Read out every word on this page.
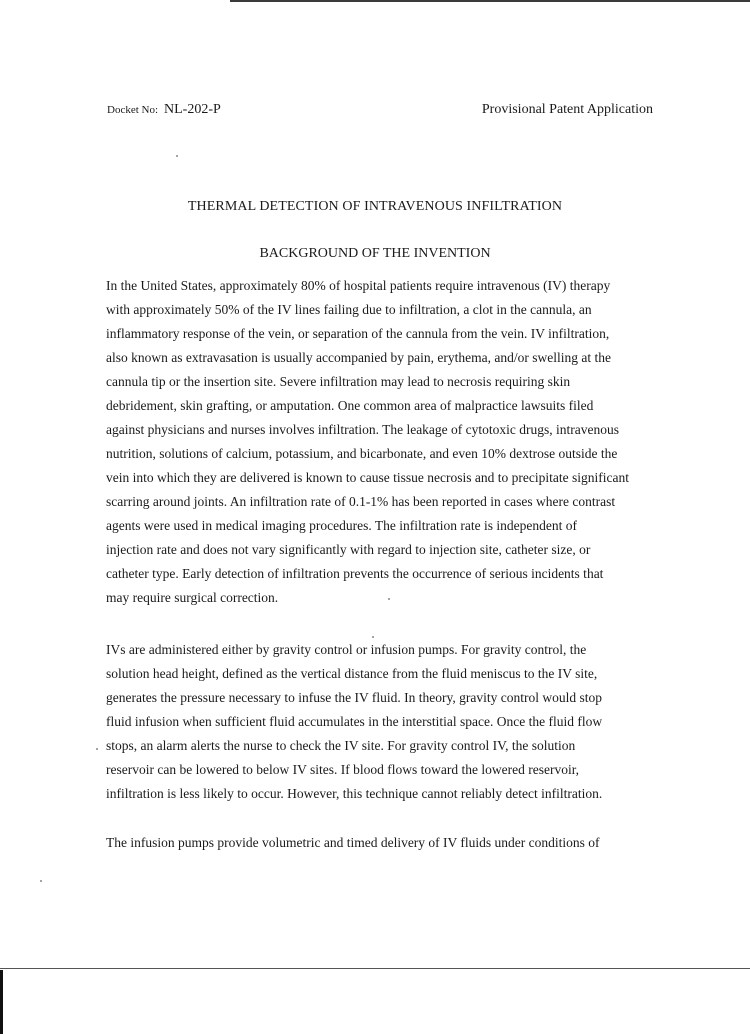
Docket No: NL-202-P	Provisional Patent Application
THERMAL DETECTION OF INTRAVENOUS INFILTRATION
BACKGROUND OF THE INVENTION
In the United States, approximately 80% of hospital patients require intravenous (IV) therapy
with approximately 50% of the IV lines failing due to infiltration, a clot in the cannula, an
inflammatory response of the vein, or separation of the cannula from the vein. IV infiltration,
also known as extravasation is usually accompanied by pain, erythema, and/or swelling at the
cannula tip or the insertion site. Severe infiltration may lead to necrosis requiring skin
debridement, skin grafting, or amputation. One common area of malpractice lawsuits filed
against physicians and nurses involves infiltration. The leakage of cytotoxic drugs, intravenous
nutrition, solutions of calcium, potassium, and bicarbonate, and even 10% dextrose outside the
vein into which they are delivered is known to cause tissue necrosis and to precipitate significant
scarring around joints. An infiltration rate of 0.1-1% has been reported in cases where contrast
agents were used in medical imaging procedures. The infiltration rate is independent of
injection rate and does not vary significantly with regard to injection site, catheter size, or
catheter type. Early detection of infiltration prevents the occurrence of serious incidents that
may require surgical correction.
IVs are administered either by gravity control or infusion pumps. For gravity control, the
solution head height, defined as the vertical distance from the fluid meniscus to the IV site,
generates the pressure necessary to infuse the IV fluid. In theory, gravity control would stop
fluid infusion when sufficient fluid accumulates in the interstitial space. Once the fluid flow
stops, an alarm alerts the nurse to check the IV site. For gravity control IV, the solution
reservoir can be lowered to below IV sites. If blood flows toward the lowered reservoir,
infiltration is less likely to occur. However, this technique cannot reliably detect infiltration.
The infusion pumps provide volumetric and timed delivery of IV fluids under conditions of
